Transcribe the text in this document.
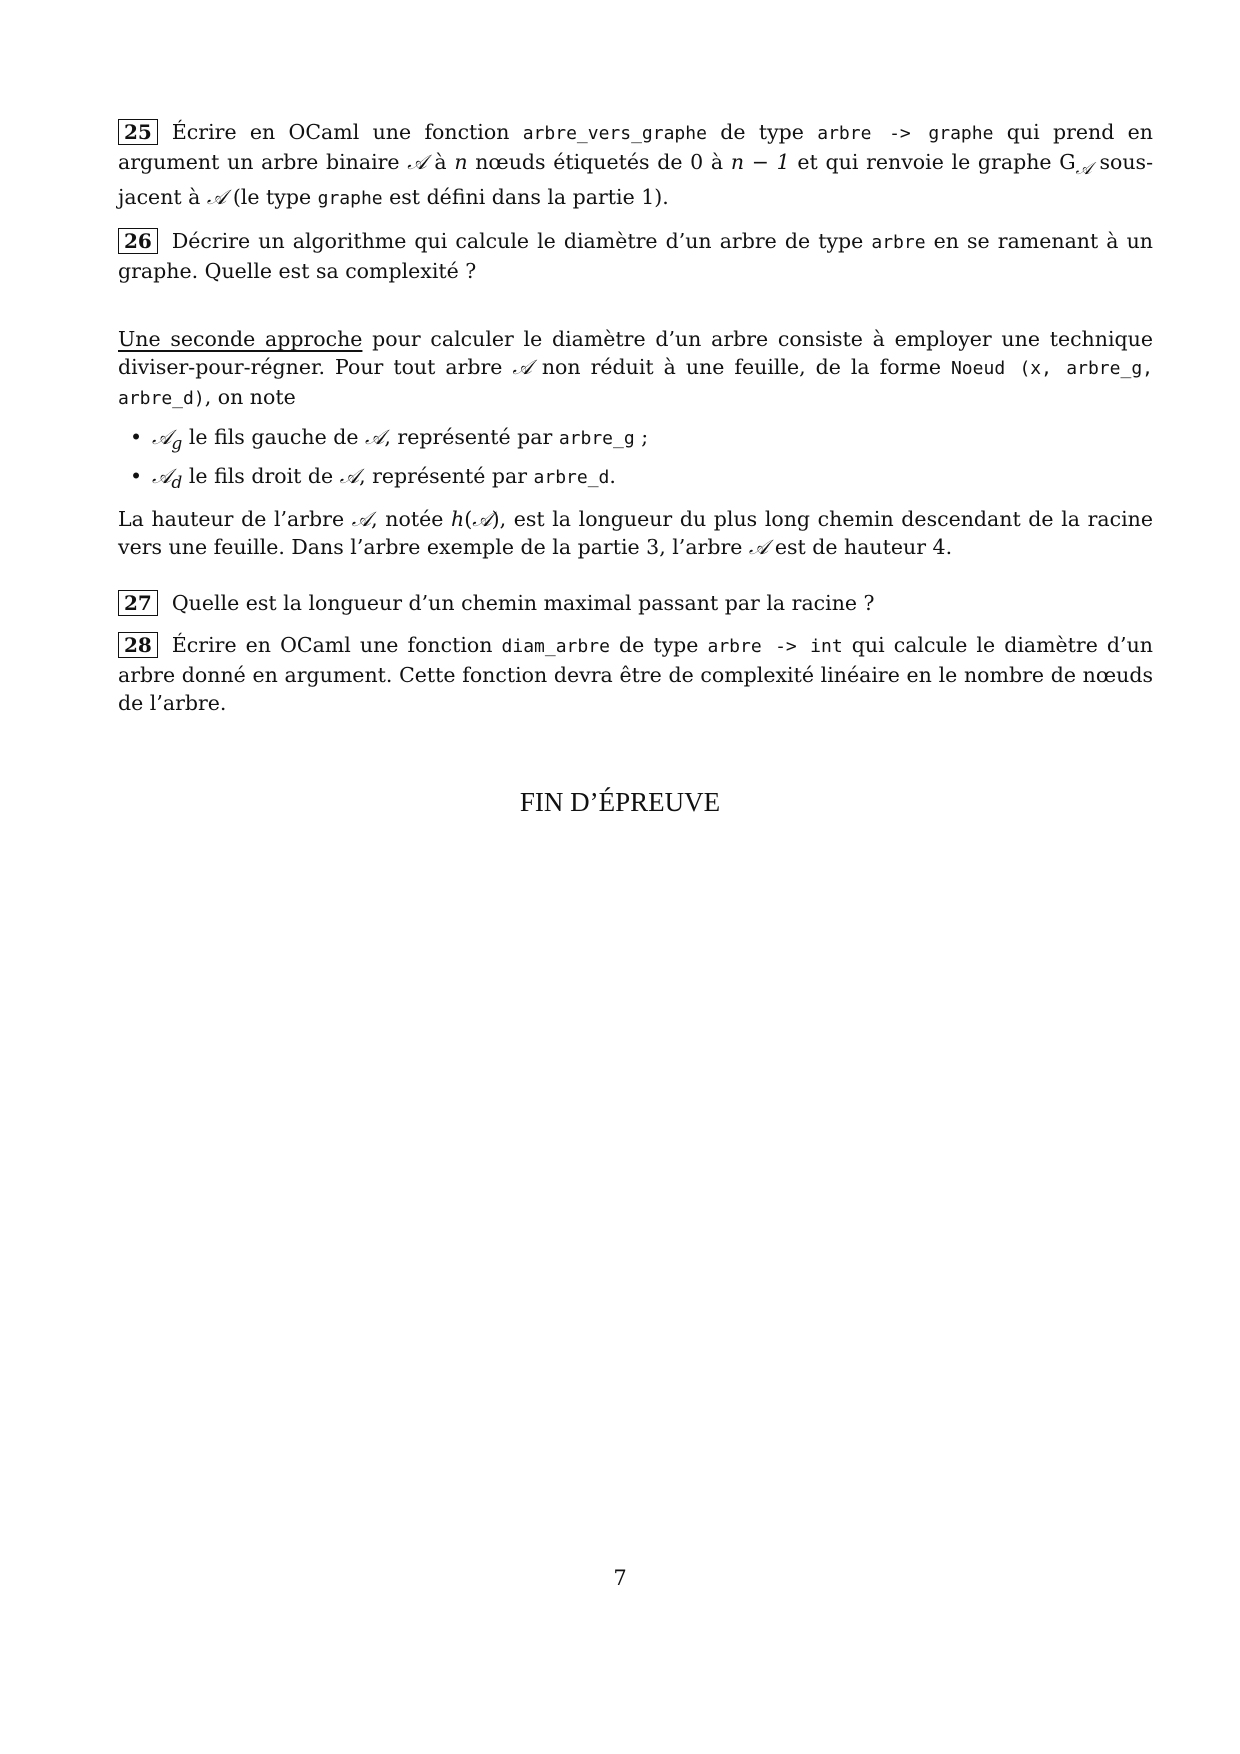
25 Écrire en OCaml une fonction arbre_vers_graphe de type arbre -> graphe qui prend en argument un arbre binaire 𝒜 à n nœuds étiquetés de 0 à n − 1 et qui renvoie le graphe $G_𝒜$ sous-jacent à 𝒜 (le type graphe est défini dans la partie 1).

26 Décrire un algorithme qui calcule le diamètre d’un arbre de type arbre en se ramenant à un graphe. Quelle est sa complexité ?

Une seconde approche pour calculer le diamètre d’un arbre consiste à employer une technique diviser-pour-régner. Pour tout arbre 𝒜 non réduit à une feuille, de la forme Noeud (x, arbre_g, arbre_d), on note

• 𝒜$_g$ le fils gauche de 𝒜, représenté par arbre_g ;
• 𝒜$_d$ le fils droit de 𝒜, représenté par arbre_d.

La hauteur de l’arbre 𝒜, notée h(𝒜), est la longueur du plus long chemin descendant de la racine vers une feuille. Dans l’arbre exemple de la partie 3, l’arbre 𝒜 est de hauteur 4.

27 Quelle est la longueur d’un chemin maximal passant par la racine ?

28 Écrire en OCaml une fonction diam_arbre de type arbre -> int qui calcule le diamètre d’un arbre donné en argument. Cette fonction devra être de complexité linéaire en le nombre de nœuds de l’arbre.

FIN D’ÉPREUVE
7
